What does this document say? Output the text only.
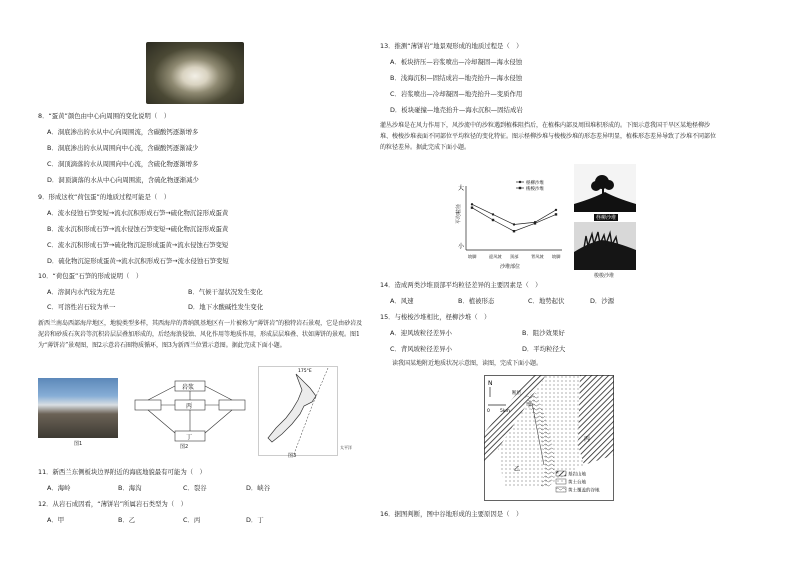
8．“蛋黄”颜色由中心向周围的变化说明（　）
A．洞底渗出的水从中心向周围流，含碳酸钙逐渐增多
B．洞底渗出的水从周围向中心流，含碳酸钙逐渐减少
C．洞顶滴落的水从周围向中心流，含硫化物逐渐增多
D．洞顶滴落的水从中心向周围流，含硫化物逐渐减少
9．形成这枚“荷包蛋”的地质过程可能是（　）
A．流水侵蚀石笋变短→流水沉积形成石笋→硫化物沉淀形成蛋黄
B．流水沉积形成石笋→流水侵蚀石笋变短→硫化物沉淀形成蛋黄
C．流水沉积形成石笋→硫化物沉淀形成蛋黄→流水侵蚀石笋变短
D．硫化物沉淀形成蛋黄→流水沉积形成石笋→流水侵蚀石笋变短
10．“荷包蛋”石笋的形成说明（　）
A．溶洞内水汽较为充足	B．气候干湿状况发生变化
C．可溶性岩石较为单一	D．地下水酸碱性发生变化
新西兰南岛西部海岸地区，地貌类型多样，其西海岸的普纳凯基地区有一片被称为“薄饼岩”的独特岩石景观，它是由砂岩及泥岩和砂质石灰岩等沉积岩层层叠加形成的，后经海浪侵蚀、风化作用等地质作用，形成层层堆叠、状如薄饼的景观。图1为“薄饼岩”景观图，图2示意岩石圈物质循环，图3为新西兰位置示意图。据此完成下面小题。
图1
岩浆
丙
丁
图2
175°E
图3
太平洋
11．新西兰东侧板块边界附近的海底地貌最有可能为（　）
A．海岭	B．海沟	C．裂谷	D．峡谷
12．从岩石成因看，“薄饼岩”所属岩石类型为（　）
A．甲	B．乙	C．丙	D．丁
13．推测“薄饼岩”地景观形成的地质过程是（　）
A．板块挤压—岩浆喷出—冷却凝固—海水侵蚀
B．浅海沉积—固结成岩—地壳抬升—海水侵蚀
C．岩浆喷出—冷却凝固—地壳抬升—变质作用
D．板块碰撞—地壳抬升—海水沉积—固结成岩
灌丛沙堆是在风力作用下，风沙流中的沙粒遇到植株阻挡后，在植株内部及周围堆积形成的。下图示意我国干旱区某地柽柳沙堆、梭梭沙堆表面不同部位平均粒径的变化特征。图示柽柳沙堆与梭梭沙堆的形态差异明显，植株形态差异导致了沙堆不同部位的粒径差异。据此完成下面小题。
大
小
平均粒径
沙堆部位
坡脚	迎风坡 顶部	背风坡 坡脚
柽柳沙堆
梭梭沙堆
柽柳沙堆
梭梭沙堆
14．造成两类沙堆顶部平均粒径差异的主要因素是（　）
A．风速	B．植被形态	C．地势起伏	D．沙源
15．与梭梭沙堆相比，柽柳沙堆（　）
A．迎风坡粒径差异小	B．阻沙效果好
C．背风坡粒径差异小	D．平均粒径大
读我国某地附近地质状况示意图，读图，完成下面小题。
N
0 5km
断层
甲
乙
丙
基岩山地
黄土台地
黄土覆盖的谷地
16．据图判断，图中谷地形成的主要原因是（　）
